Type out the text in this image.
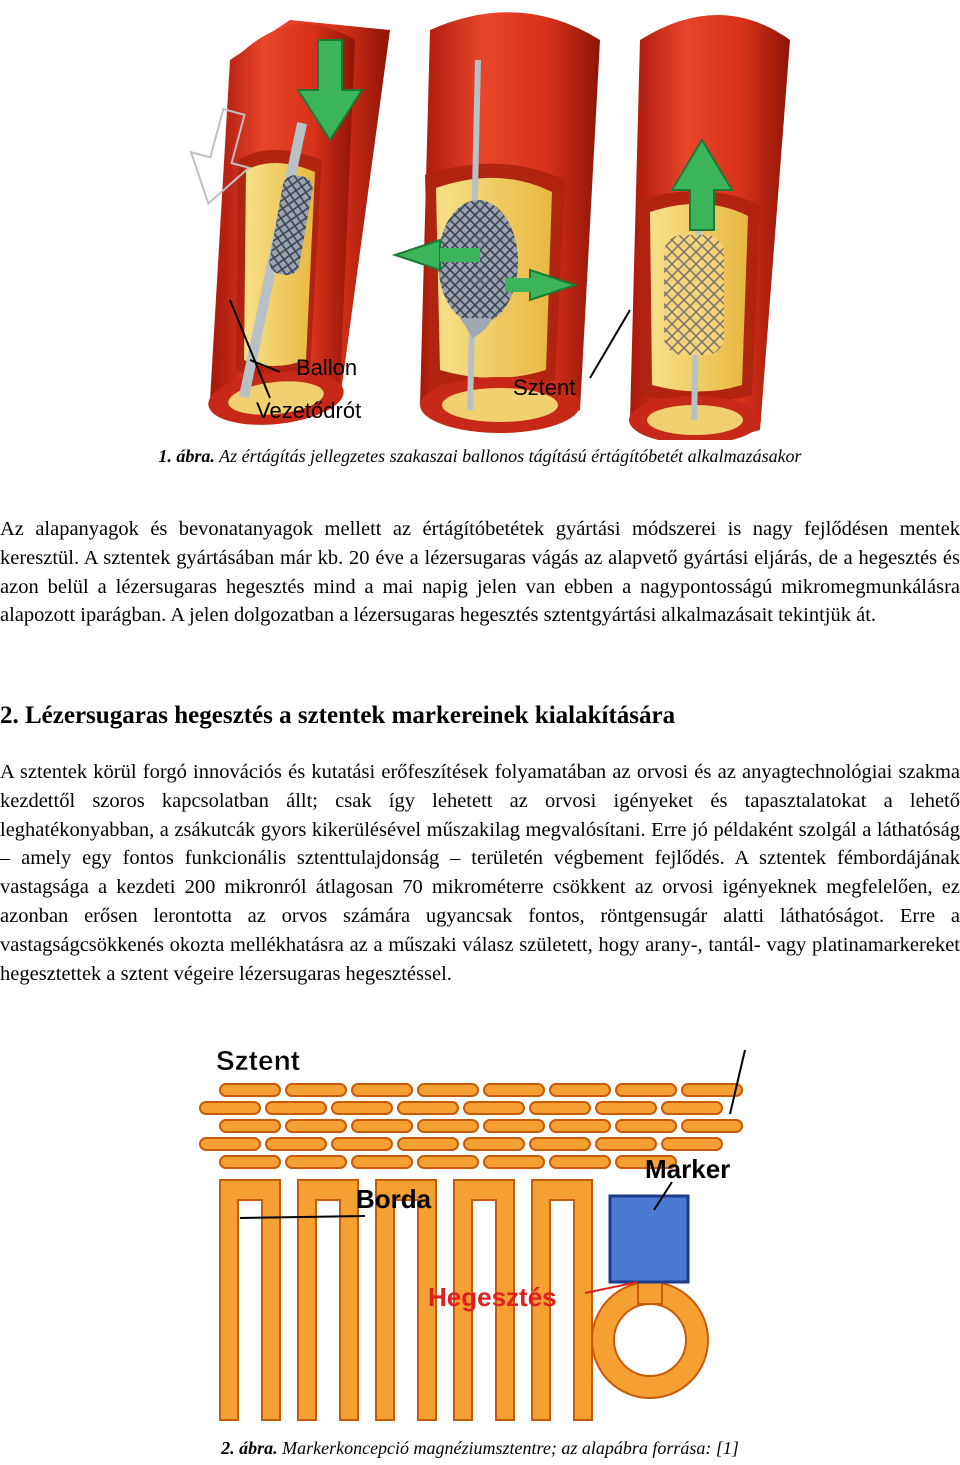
Ballon
Vezetődrót
Sztent
1. ábra. Az értágítás jellegzetes szakaszai ballonos tágítású értágítóbetét alkalmazásakor
Az alapanyagok és bevonatanyagok mellett az értágítóbetétek gyártási módszerei is nagy fejlődésen mentek keresztül. A sztentek gyártásában már kb. 20 éve a lézersugaras vágás az alapvető gyártási eljárás, de a hegesztés és azon belül a lézersugaras hegesztés mind a mai napig jelen van ebben a nagypontosságú mikromegmunkálásra alapozott iparágban. A jelen dolgozatban a lézersugaras hegesztés sztentgyártási alkalmazásait tekintjük át.
2. Lézersugaras hegesztés a sztentek markereinek kialakítására
A sztentek körül forgó innovációs és kutatási erőfeszítések folyamatában az orvosi és az anyagtechnológiai szakma kezdettől szoros kapcsolatban állt; csak így lehetett az orvosi igényeket és tapasztalatokat a lehető leghatékonyabban, a zsákutcák gyors kikerülésével műszakilag megvalósítani. Erre jó példaként szolgál a láthatóság – amely egy fontos funkcionális sztenttulajdonság – területén végbement fejlődés. A sztentek fémbordájának vastagsága a kezdeti 200 mikronról átlagosan 70 mikrométerre csökkent az orvosi igényeknek megfelelően, ez azonban erősen lerontotta az orvos számára ugyancsak fontos, röntgensugár alatti láthatóságot. Erre a vastagságcsökkenés okozta mellékhatásra az a műszaki válasz született, hogy arany-, tantál- vagy platinamarkereket hegesztettek a sztent végeire lézersugaras hegesztéssel.
Sztent
Borda
Marker
Hegesztés
2. ábra. Markerkoncepció magnéziumsztentre; az alapábra forrása: [1]
